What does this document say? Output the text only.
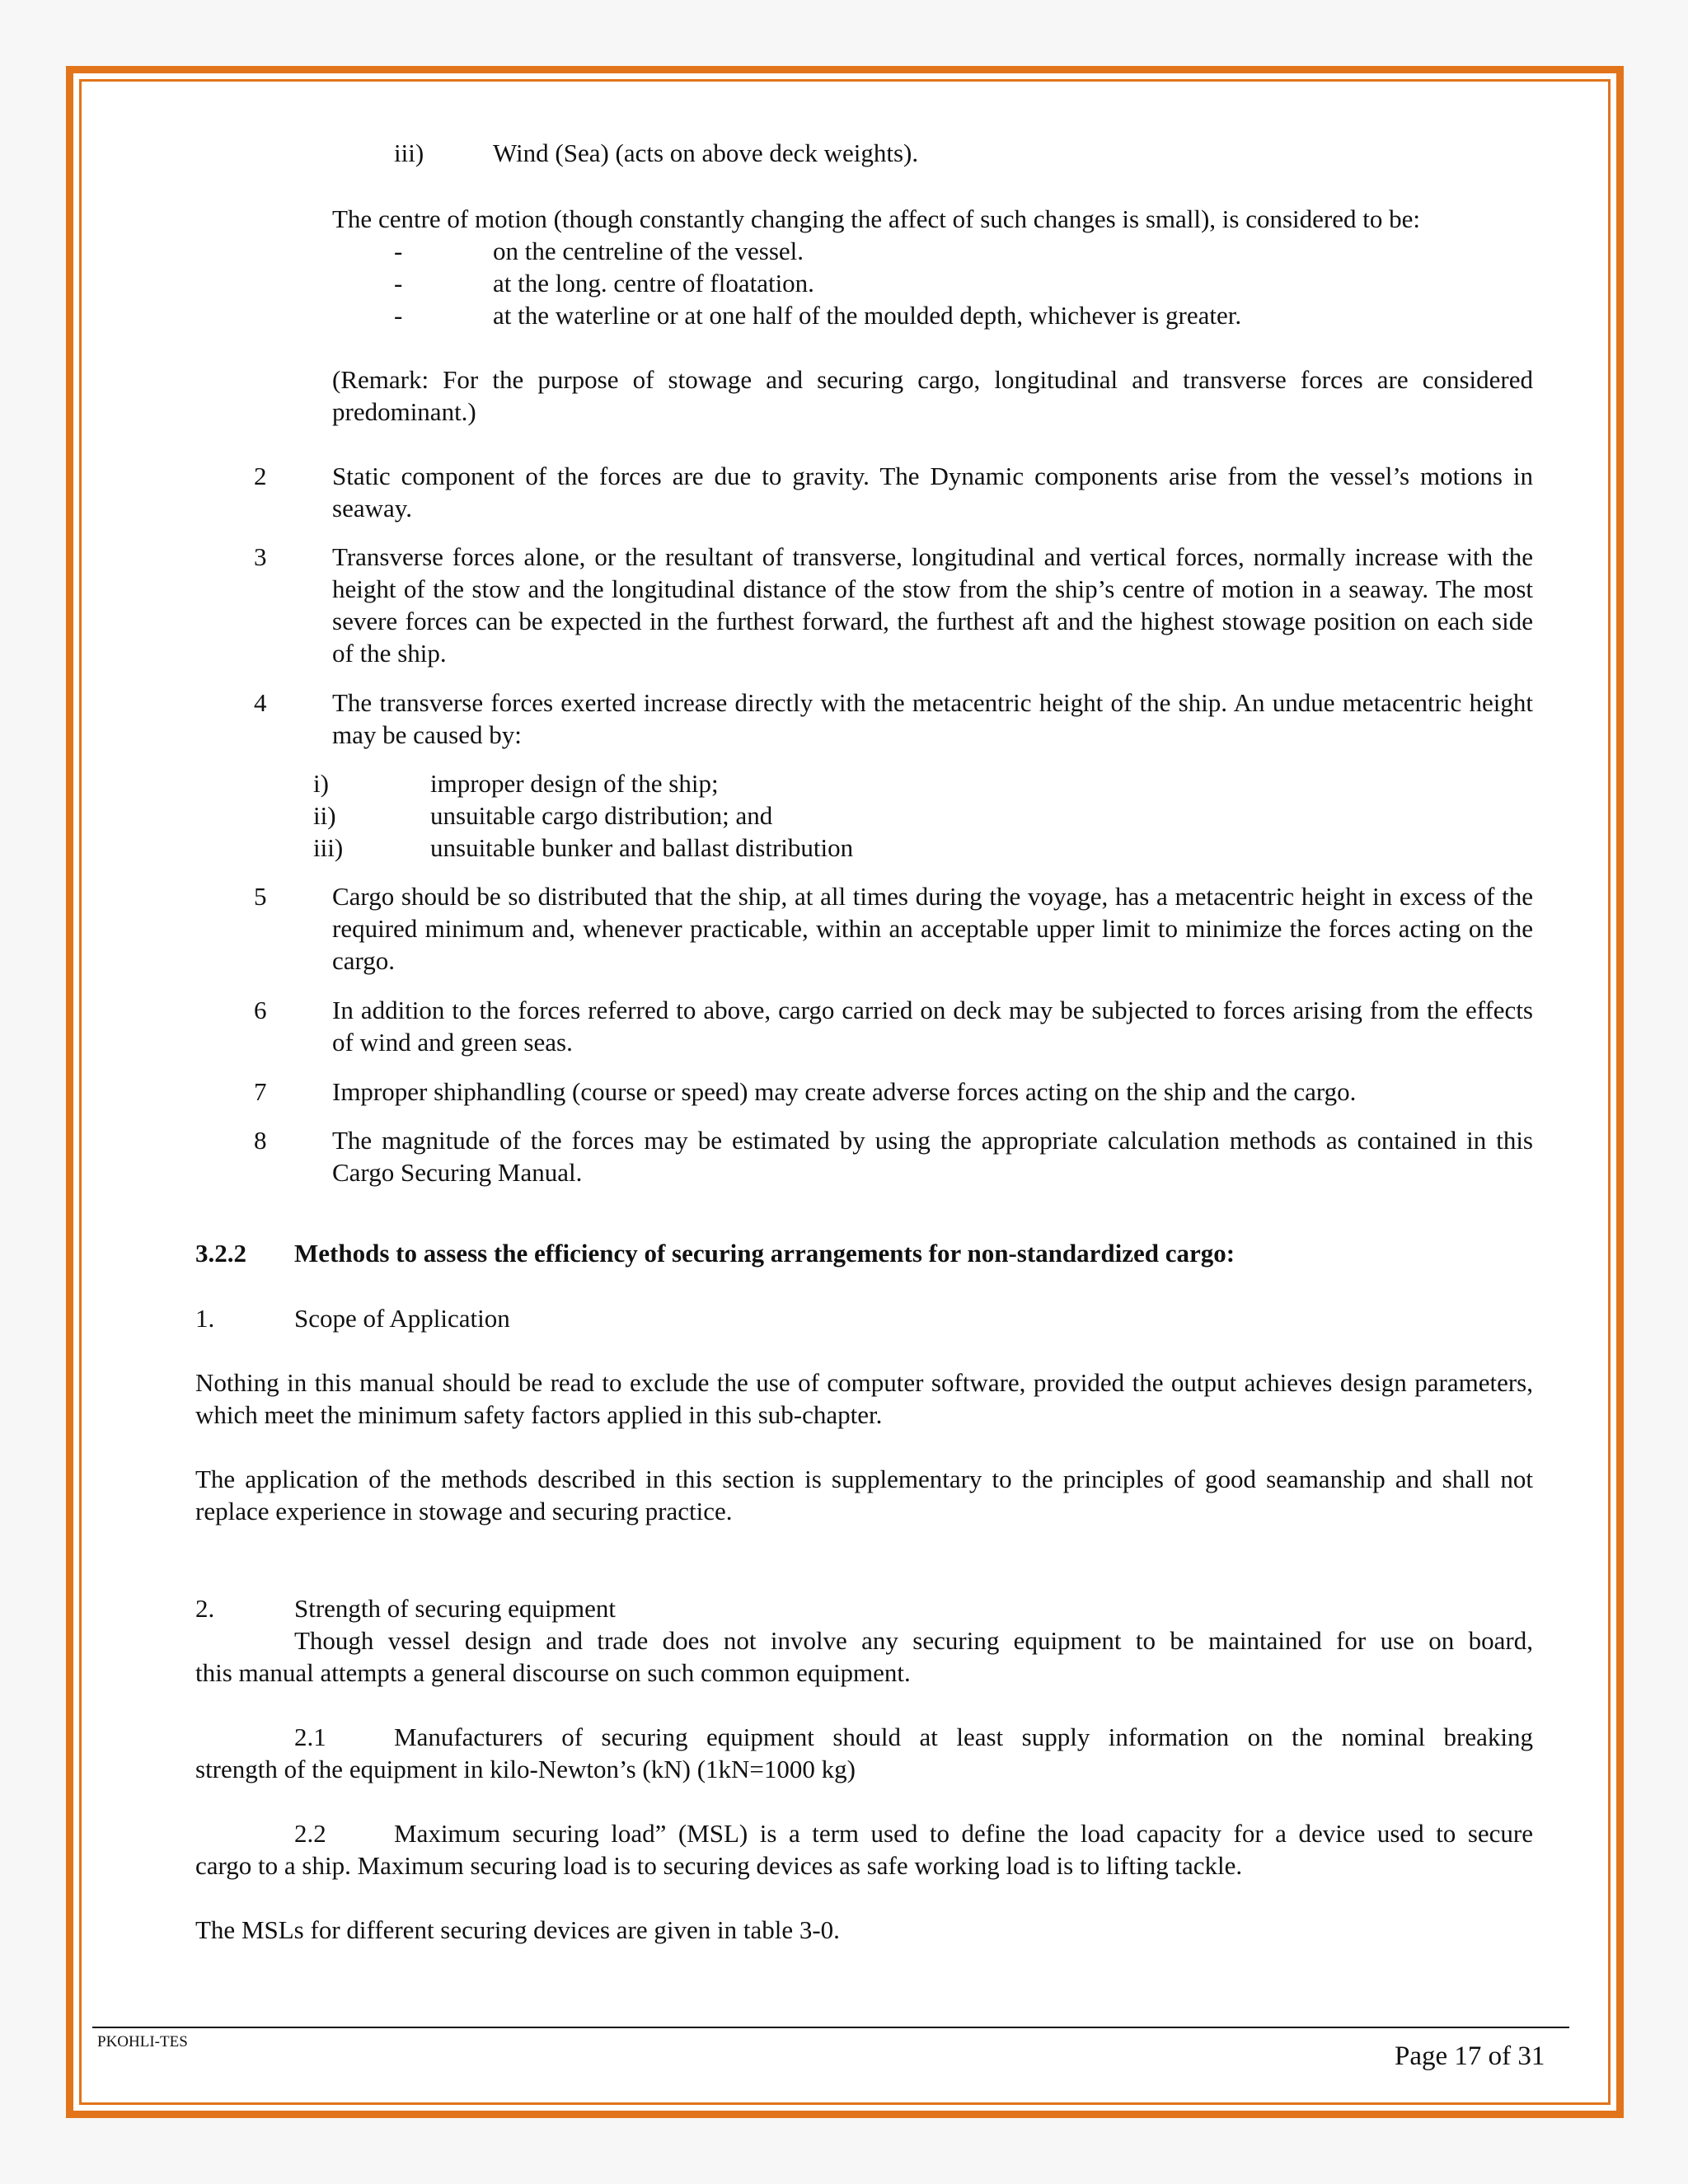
iii)	Wind (Sea) (acts on above deck weights).
The centre of motion (though constantly changing the affect of such changes is small), is considered to be:
-	on the centreline of the vessel.
-	at the long. centre of floatation.
-	at the waterline or at one half of the moulded depth, whichever is greater.
(Remark: For the purpose of stowage and securing cargo, longitudinal and transverse forces are considered predominant.)
2	Static component of the forces are due to gravity. The Dynamic components arise from the vessel’s motions in seaway.
3	Transverse forces alone, or the resultant of transverse, longitudinal and vertical forces, normally increase with the height of the stow and the longitudinal distance of the stow from the ship’s centre of motion in a seaway. The most severe forces can be expected in the furthest forward, the furthest aft and the highest stowage position on each side of the ship.
4	The transverse forces exerted increase directly with the metacentric height of the ship. An undue metacentric height may be caused by:
i)	improper design of the ship;
ii)	unsuitable cargo distribution; and
iii)	unsuitable bunker and ballast distribution
5	Cargo should be so distributed that the ship, at all times during the voyage, has a metacentric height in excess of the required minimum and, whenever practicable, within an acceptable upper limit to minimize the forces acting on the cargo.
6	In addition to the forces referred to above, cargo carried on deck may be subjected to forces arising from the effects of wind and green seas.
7	Improper shiphandling (course or speed) may create adverse forces acting on the ship and the cargo.
8	The magnitude of the forces may be estimated by using the appropriate calculation methods as contained in this Cargo Securing Manual.
3.2.2 Methods to assess the efficiency of securing arrangements for non-standardized cargo:
1.	Scope of Application
Nothing in this manual should be read to exclude the use of computer software, provided the output achieves design parameters, which meet the minimum safety factors applied in this sub-chapter.
The application of the methods described in this section is supplementary to the principles of good seamanship and shall not replace experience in stowage and securing practice.
2.	Strength of securing equipment
Though vessel design and trade does not involve any securing equipment to be maintained for use on board,
this manual attempts a general discourse on such common equipment.
2.1	Manufacturers of securing equipment should at least supply information on the nominal breaking
strength of the equipment in kilo-Newton’s (kN) (1kN=1000 kg)
2.2	Maximum securing load” (MSL) is a term used to define the load capacity for a device used to secure
cargo to a ship. Maximum securing load is to securing devices as safe working load is to lifting tackle.
The MSLs for different securing devices are given in table 3-0.
PKOHLI-TES	Page 17 of 31
